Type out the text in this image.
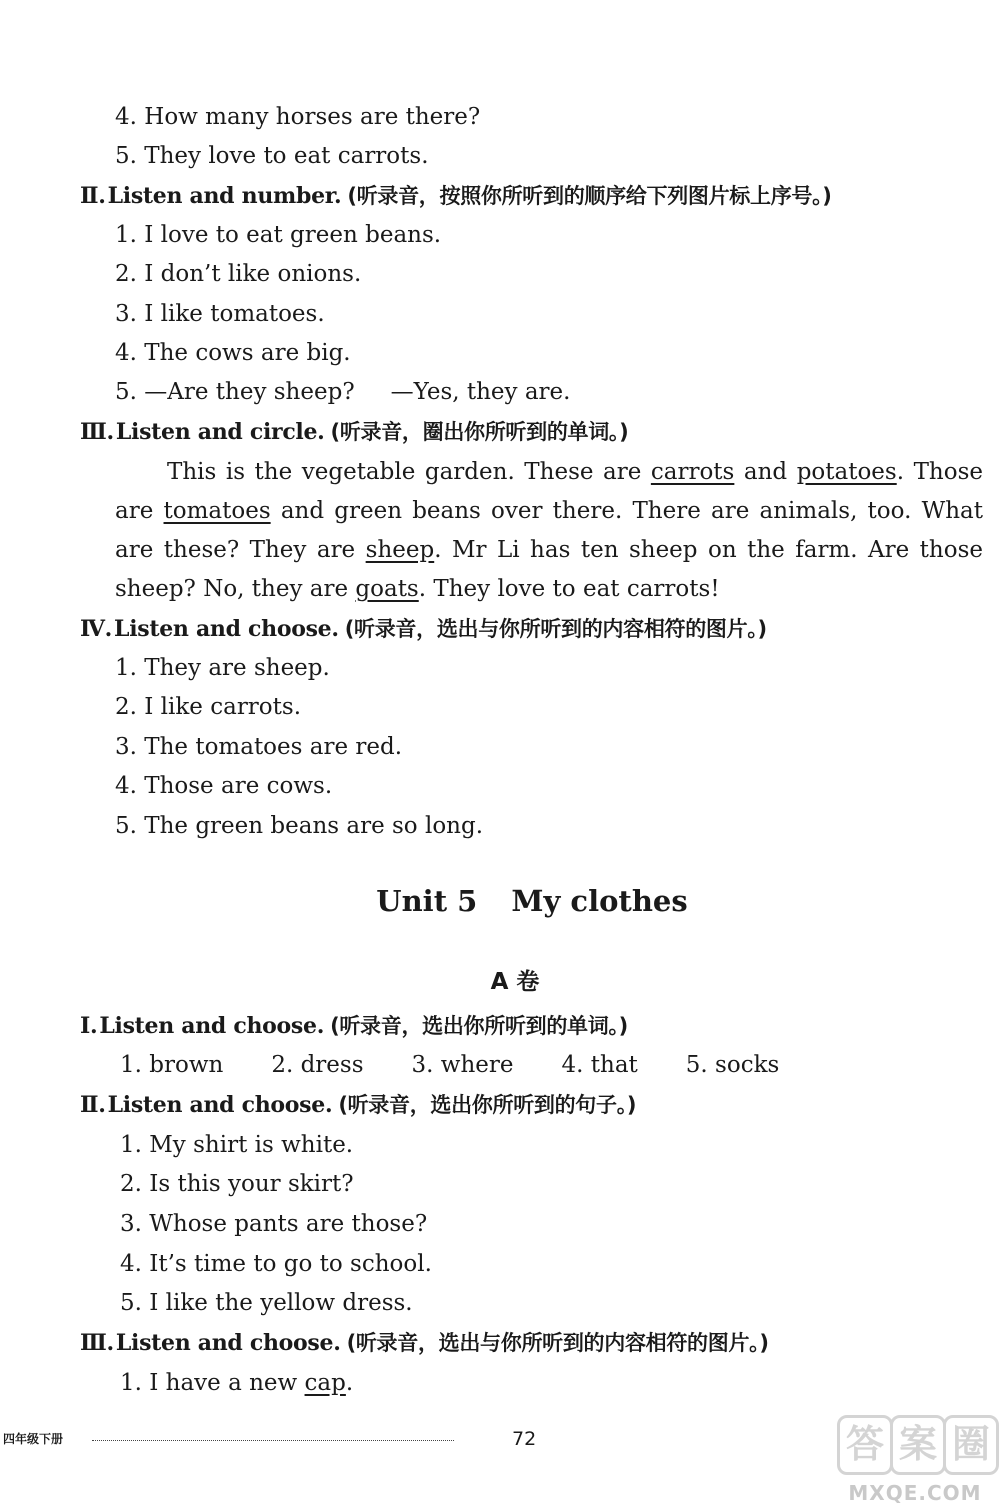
4. How many horses are there?
5. They love to eat carrots.
Ⅱ.Listen and number. (听录音，按照你所听到的顺序给下列图片标上序号。)
1. I love to eat green beans.
2. I don’t like onions.
3. I like tomatoes.
4. The cows are big.
5. —Are they sheep? —Yes, they are.
Ⅲ.Listen and circle. (听录音，圈出你所听到的单词。)
This is the vegetable garden. These are carrots and potatoes. Those are tomatoes and green beans over there. There are animals, too. What are these? They are sheep. Mr Li has ten sheep on the farm. Are those sheep? No, they are goats. They love to eat carrots!
Ⅳ.Listen and choose. (听录音，选出与你所听到的内容相符的图片。)
1. They are sheep.
2. I like carrots.
3. The tomatoes are red.
4. Those are cows.
5. The green beans are so long.
Unit 5 My clothes
A 卷
Ⅰ.Listen and choose. (听录音，选出你所听到的单词。)
1. brown 2. dress 3. where 4. that 5. socks
Ⅱ.Listen and choose. (听录音，选出你所听到的句子。)
1. My shirt is white.
2. Is this your skirt?
3. Whose pants are those?
4. It’s time to go to school.
5. I like the yellow dress.
Ⅲ.Listen and choose. (听录音，选出与你所听到的内容相符的图片。)
1. I have a new cap.
四年级下册	72	答 案 圈
MXQE.COM
